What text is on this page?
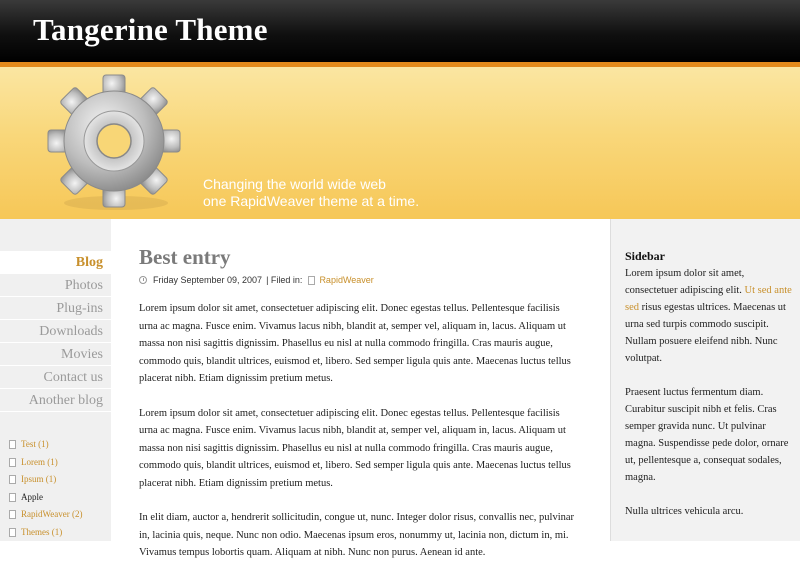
Tangerine Theme
Changing the world wide web
one RapidWeaver theme at a time.
Blog
Photos
Plug-ins
Downloads
Movies
Contact us
Another blog
Test (1)
Lorem (1)
Ipsum (1)
Apple
RapidWeaver (2)
Themes (1)
Best entry
Friday September 09, 2007 | Filed in: RapidWeaver

Lorem ipsum dolor sit amet, consectetuer adipiscing elit. Donec egestas tellus. Pellentesque facilisis urna ac magna. Fusce enim. Vivamus lacus nibh, blandit at, semper vel, aliquam in, lacus. Aliquam ut massa non nisi sagittis dignissim. Phasellus eu nisl at nulla commodo fringilla. Cras mauris augue, commodo quis, blandit ultrices, euismod et, libero. Sed semper ligula quis ante. Maecenas luctus tellus placerat nibh. Etiam dignissim pretium metus.

Lorem ipsum dolor sit amet, consectetuer adipiscing elit. Donec egestas tellus. Pellentesque facilisis urna ac magna. Fusce enim. Vivamus lacus nibh, blandit at, semper vel, aliquam in, lacus. Aliquam ut massa non nisi sagittis dignissim. Phasellus eu nisl at nulla commodo fringilla. Cras mauris augue, commodo quis, blandit ultrices, euismod et, libero. Sed semper ligula quis ante. Maecenas luctus tellus placerat nibh. Etiam dignissim pretium metus.

In elit diam, auctor a, hendrerit sollicitudin, congue ut, nunc. Integer dolor risus, convallis nec, pulvinar in, lacinia quis, neque. Nunc non odio. Maecenas ipsum eros, nonummy ut, lacinia non, dictum in, mi. Vivamus tempus lobortis quam. Aliquam at nibh. Nunc non purus. Aenean id ante.

Sidebar

Lorem ipsum dolor sit amet, consectetuer adipiscing elit. Ut sed ante sed risus egestas ultrices. Maecenas ut urna sed turpis commodo suscipit. Nullam posuere eleifend nibh. Nunc volutpat.

Praesent luctus fermentum diam. Curabitur suscipit nibh et felis. Cras semper gravida nunc. Ut pulvinar magna. Suspendisse pede dolor, ornare ut, pellentesque a, consequat sodales, magna.

Nulla ultrices vehicula arcu.
